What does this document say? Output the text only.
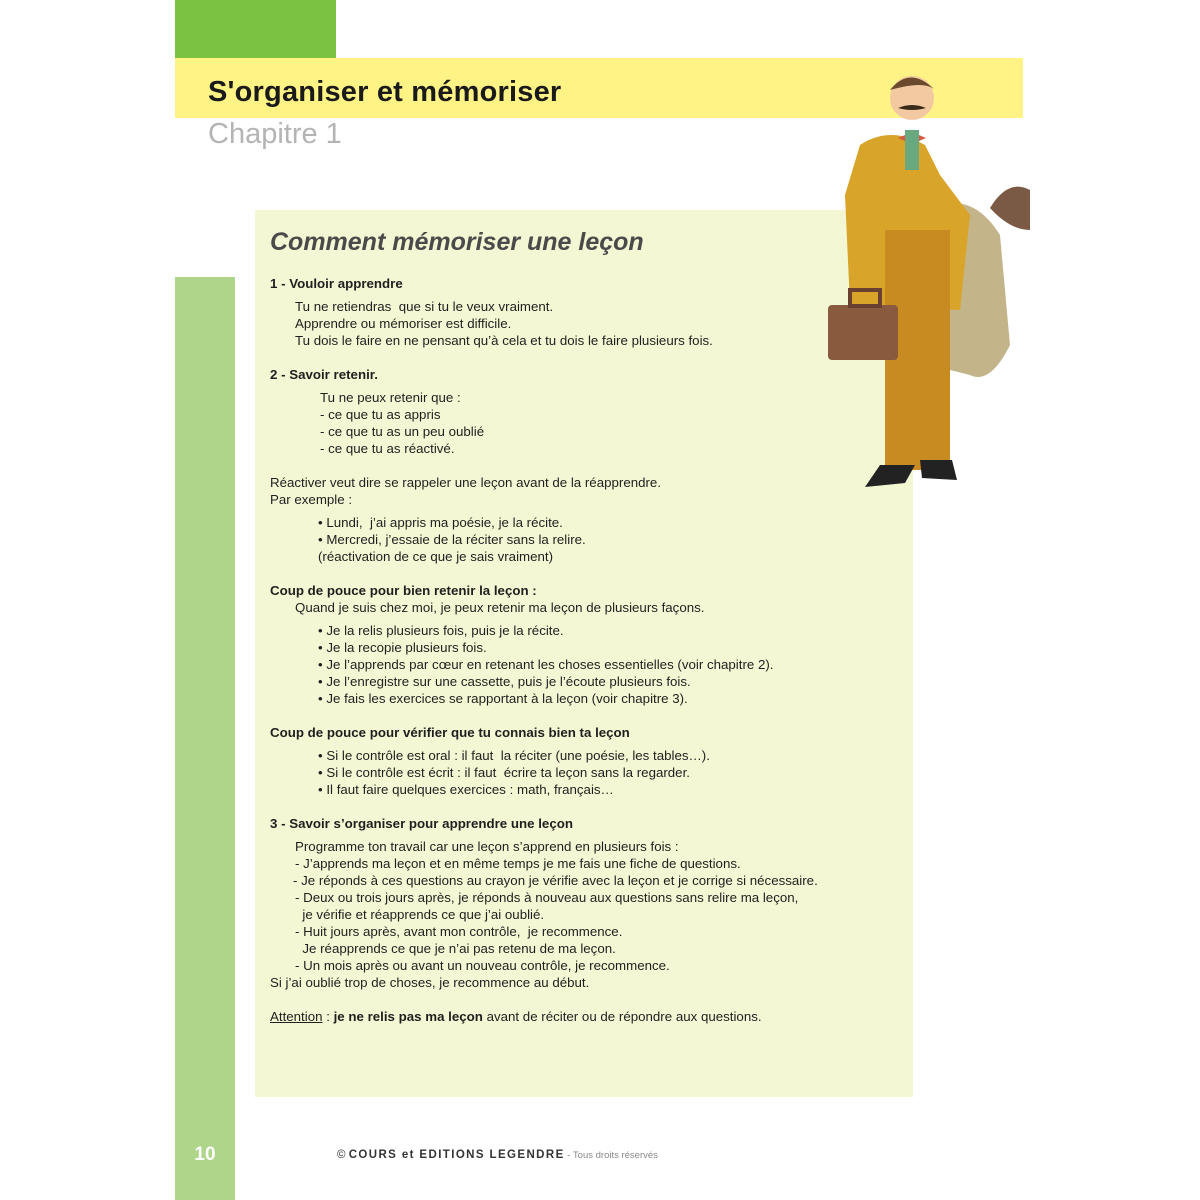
S'organiser et mémoriser
Chapitre 1
10
Comment mémoriser une leçon
1 - Vouloir apprendre
Tu ne retiendras  que si tu le veux vraiment.
Apprendre ou mémoriser est difficile.
Tu dois le faire en ne pensant qu’à cela et tu dois le faire plusieurs fois.
2 - Savoir retenir.
Tu ne peux retenir que :
- ce que tu as appris
- ce que tu as un peu oublié
- ce que tu as réactivé.
Réactiver veut dire se rappeler une leçon avant de la réapprendre.
Par exemple :
• Lundi,  j’ai appris ma poésie, je la récite.
• Mercredi, j’essaie de la réciter sans la relire.
(réactivation de ce que je sais vraiment)
Coup de pouce pour bien retenir la leçon :
Quand je suis chez moi, je peux retenir ma leçon de plusieurs façons.
• Je la relis plusieurs fois, puis je la récite.
• Je la recopie plusieurs fois.
• Je l’apprends par cœur en retenant les choses essentielles (voir chapitre 2).
• Je l’enregistre sur une cassette, puis je l’écoute plusieurs fois.
• Je fais les exercices se rapportant à la leçon (voir chapitre 3).
Coup de pouce pour vérifier que tu connais bien ta leçon
• Si le contrôle est oral : il faut  la réciter (une poésie, les tables…).
• Si le contrôle est écrit : il faut  écrire ta leçon sans la regarder.
• Il faut faire quelques exercices : math, français…
3 - Savoir s’organiser pour apprendre une leçon
Programme ton travail car une leçon s’apprend en plusieurs fois :
- J’apprends ma leçon et en même temps je me fais une fiche de questions.
- Je réponds à ces questions au crayon je vérifie avec la leçon et je corrige si nécessaire.
- Deux ou trois jours après, je réponds à nouveau aux questions sans relire ma leçon,
je vérifie et réapprends ce que j’ai oublié.
- Huit jours après, avant mon contrôle,  je recommence.
Je réapprends ce que je n’ai pas retenu de ma leçon.
- Un mois après ou avant un nouveau contrôle, je recommence.
Si j’ai oublié trop de choses, je recommence au début.
Attention : je ne relis pas ma leçon avant de réciter ou de répondre aux questions.
© COURS et EDITIONS LEGENDRE - Tous droits réservés
